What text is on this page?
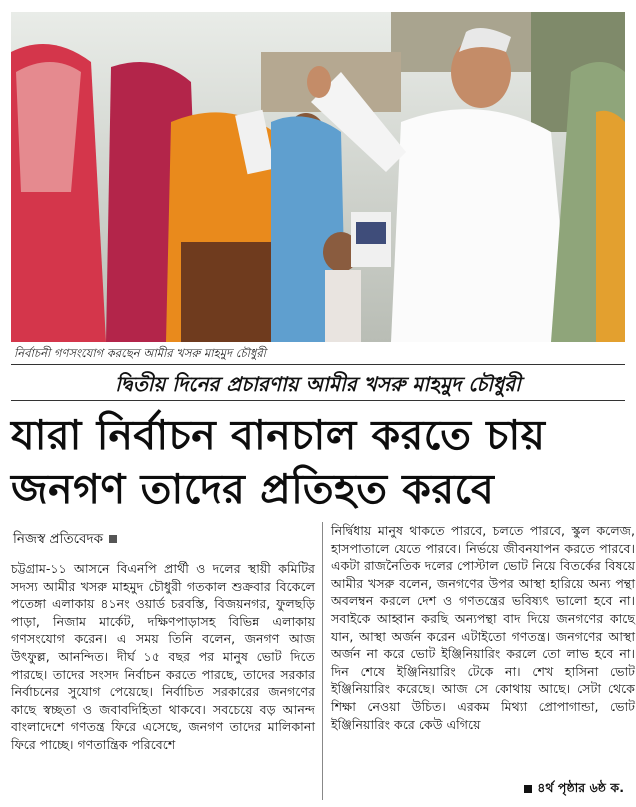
নির্বাচনী গণসংযোগ করছেন আমীর খসরু মাহমুদ চৌধুরী
দ্বিতীয় দিনের প্রচারণায় আমীর খসরু মাহমুদ চৌধুরী
যারা নির্বাচন বানচাল করতে চায়
জনগণ তাদের প্রতিহত করবে
নিজস্ব প্রতিবেদক
চট্টগ্রাম-১১ আসনে বিএনপি প্রার্থী ও দলের স্থায়ী কমিটির সদস্য আমীর খসরু মাহমুদ চৌধুরী গতকাল শুক্রবার বিকেলে পতেঙ্গা এলাকায় ৪১নং ওয়ার্ড চরবস্তি, বিজয়নগর, ফুলছড়ি পাড়া, নিজাম মার্কেট, দক্ষিণপাড়াসহ বিভিন্ন এলাকায় গণসংযোগ করেন। এ সময় তিনি বলেন, জনগণ আজ উৎফুল্ল, আনন্দিত। দীর্ঘ ১৫ বছর পর মানুষ ভোট দিতে পারছে। তাদের সংসদ নির্বাচন করতে পারছে, তাদের সরকার নির্বাচনের সুযোগ পেয়েছে। নির্বাচিত সরকারের জনগণের কাছে স্বচ্ছতা ও জবাবদিহিতা থাকবে। সবচেয়ে বড় আনন্দ বাংলাদেশে গণতন্ত্র ফিরে এসেছে, জনগণ তাদের মালিকানা ফিরে পাচ্ছে। গণতান্ত্রিক পরিবেশে
নির্দ্বিধায় মানুষ থাকতে পারবে, চলতে পারবে, স্কুল কলেজ, হাসপাতালে যেতে পারবে। নির্ভয়ে জীবনযাপন করতে পারবে। একটা রাজনৈতিক দলের পোস্টাল ভোট নিয়ে বিতর্কের বিষয়ে আমীর খসরু বলেন, জনগণের উপর আস্থা হারিয়ে অন্য পন্থা অবলম্বন করলে দেশ ও গণতন্ত্রের ভবিষ্যৎ ভালো হবে না। সবাইকে আহ্বান করছি অন্যপন্থা বাদ দিয়ে জনগণের কাছে যান, আস্থা অর্জন করেন এটাইতো গণতন্ত্র। জনগণের আস্থা অর্জন না করে ভোট ইঞ্জিনিয়ারিং করলে তো লাভ হবে না। দিন শেষে ইঞ্জিনিয়ারিং টেকে না। শেখ হাসিনা ভোট ইঞ্জিনিয়ারিং করেছে। আজ সে কোথায় আছে। সেটা থেকে শিক্ষা নেওয়া উচিত। এরকম মিথ্যা প্রোপাগান্ডা, ভোট ইঞ্জিনিয়ারিং করে কেউ এগিয়ে
৪র্থ পৃষ্ঠার ৬ষ্ঠ ক.
